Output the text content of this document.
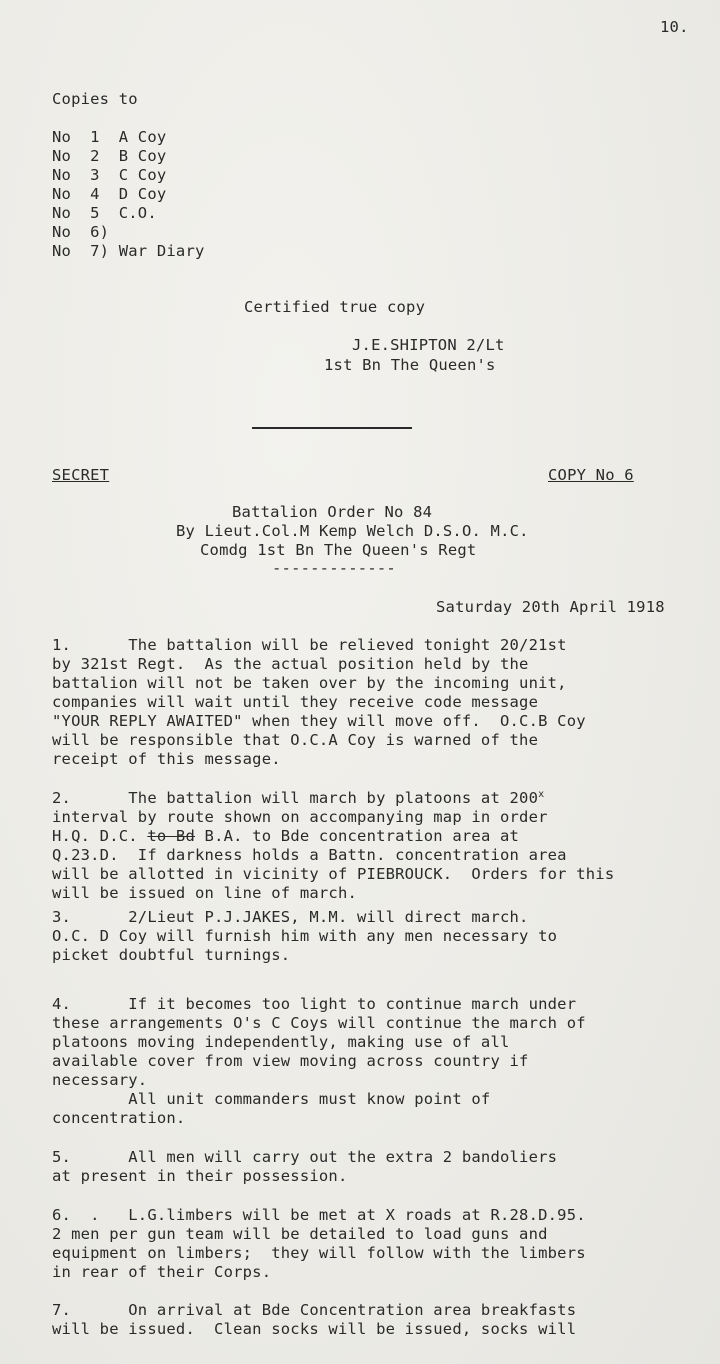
10.
Copies to
No  1  A Coy
No  2  B Coy
No  3  C Coy
No  4  D Coy
No  5  C.O.
No  6)
No  7) War Diary
Certified true copy
J.E.SHIPTON 2/Lt
1st Bn The Queen's
SECRET	COPY No 6
Battalion Order No 84
By Lieut.Col.M Kemp Welch D.S.O. M.C.
Comdg 1st Bn The Queen's Regt
-------------
Saturday 20th April 1918
1.      The battalion will be relieved tonight 20/21st
by 321st Regt.  As the actual position held by the
battalion will not be taken over by the incoming unit,
companies will wait until they receive code message
"YOUR REPLY AWAITED" when they will move off.  O.C.B Coy
will be responsible that O.C.A Coy is warned of the
receipt of this message.
2.      The battalion will march by platoons at 200$^x$
interval by route shown on accompanying map in order
H.Q. D.C. to Bd B.A. to Bde concentration area at
Q.23.D.  If darkness holds a Battn. concentration area
will be allotted in vicinity of PIEBROUCK.  Orders for this
will be issued on line of march.
3.      2/Lieut P.J.JAKES, M.M. will direct march.
O.C. D Coy will furnish him with any men necessary to
picket doubtful turnings.
4.      If it becomes too light to continue march under
these arrangements O's C Coys will continue the march of
platoons moving independently, making use of all
available cover from view moving across country if
necessary.
All unit commanders must know point of
concentration.
5.      All men will carry out the extra 2 bandoliers
at present in their possession.
6.  .   L.G.limbers will be met at X roads at R.28.D.95.
2 men per gun team will be detailed to load guns and
equipment on limbers;  they will follow with the limbers
in rear of their Corps.
7.      On arrival at Bde Concentration area breakfasts
will be issued.  Clean socks will be issued, socks will
